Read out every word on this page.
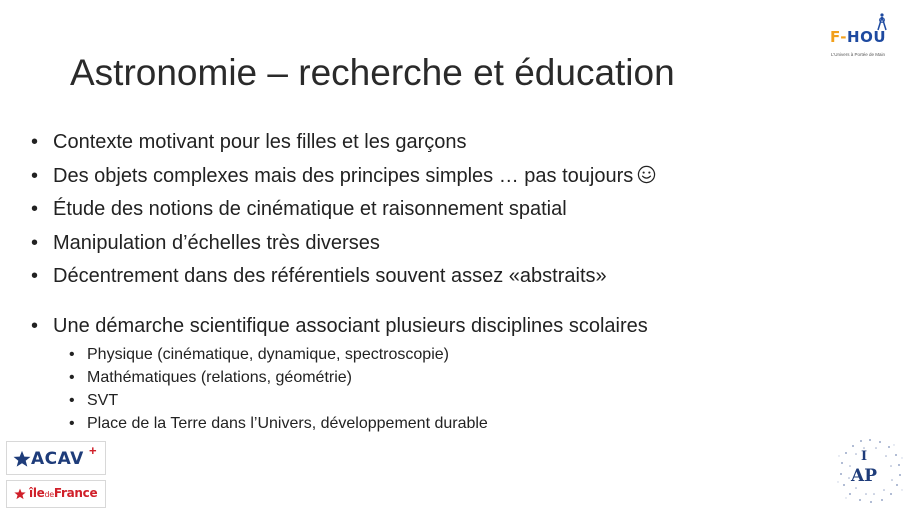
Astronomie – recherche et éducation
• Contexte motivant pour les filles et les garçons
• Des objets complexes mais des principes simples … pas toujours
• Étude des notions de cinématique et raisonnement spatial
• Manipulation d’échelles très diverses
• Décentrement dans des référentiels souvent assez «abstraits»
• Une démarche scientifique associant plusieurs disciplines scolaires
• Physique (cinématique, dynamique, spectroscopie)
• Mathématiques (relations, géométrie)
• SVT
• Place de la Terre dans l’Univers, développement durable
F-HOU
L’Univers à Portée de Main
ACAV +
îledeFrance
I
AP
